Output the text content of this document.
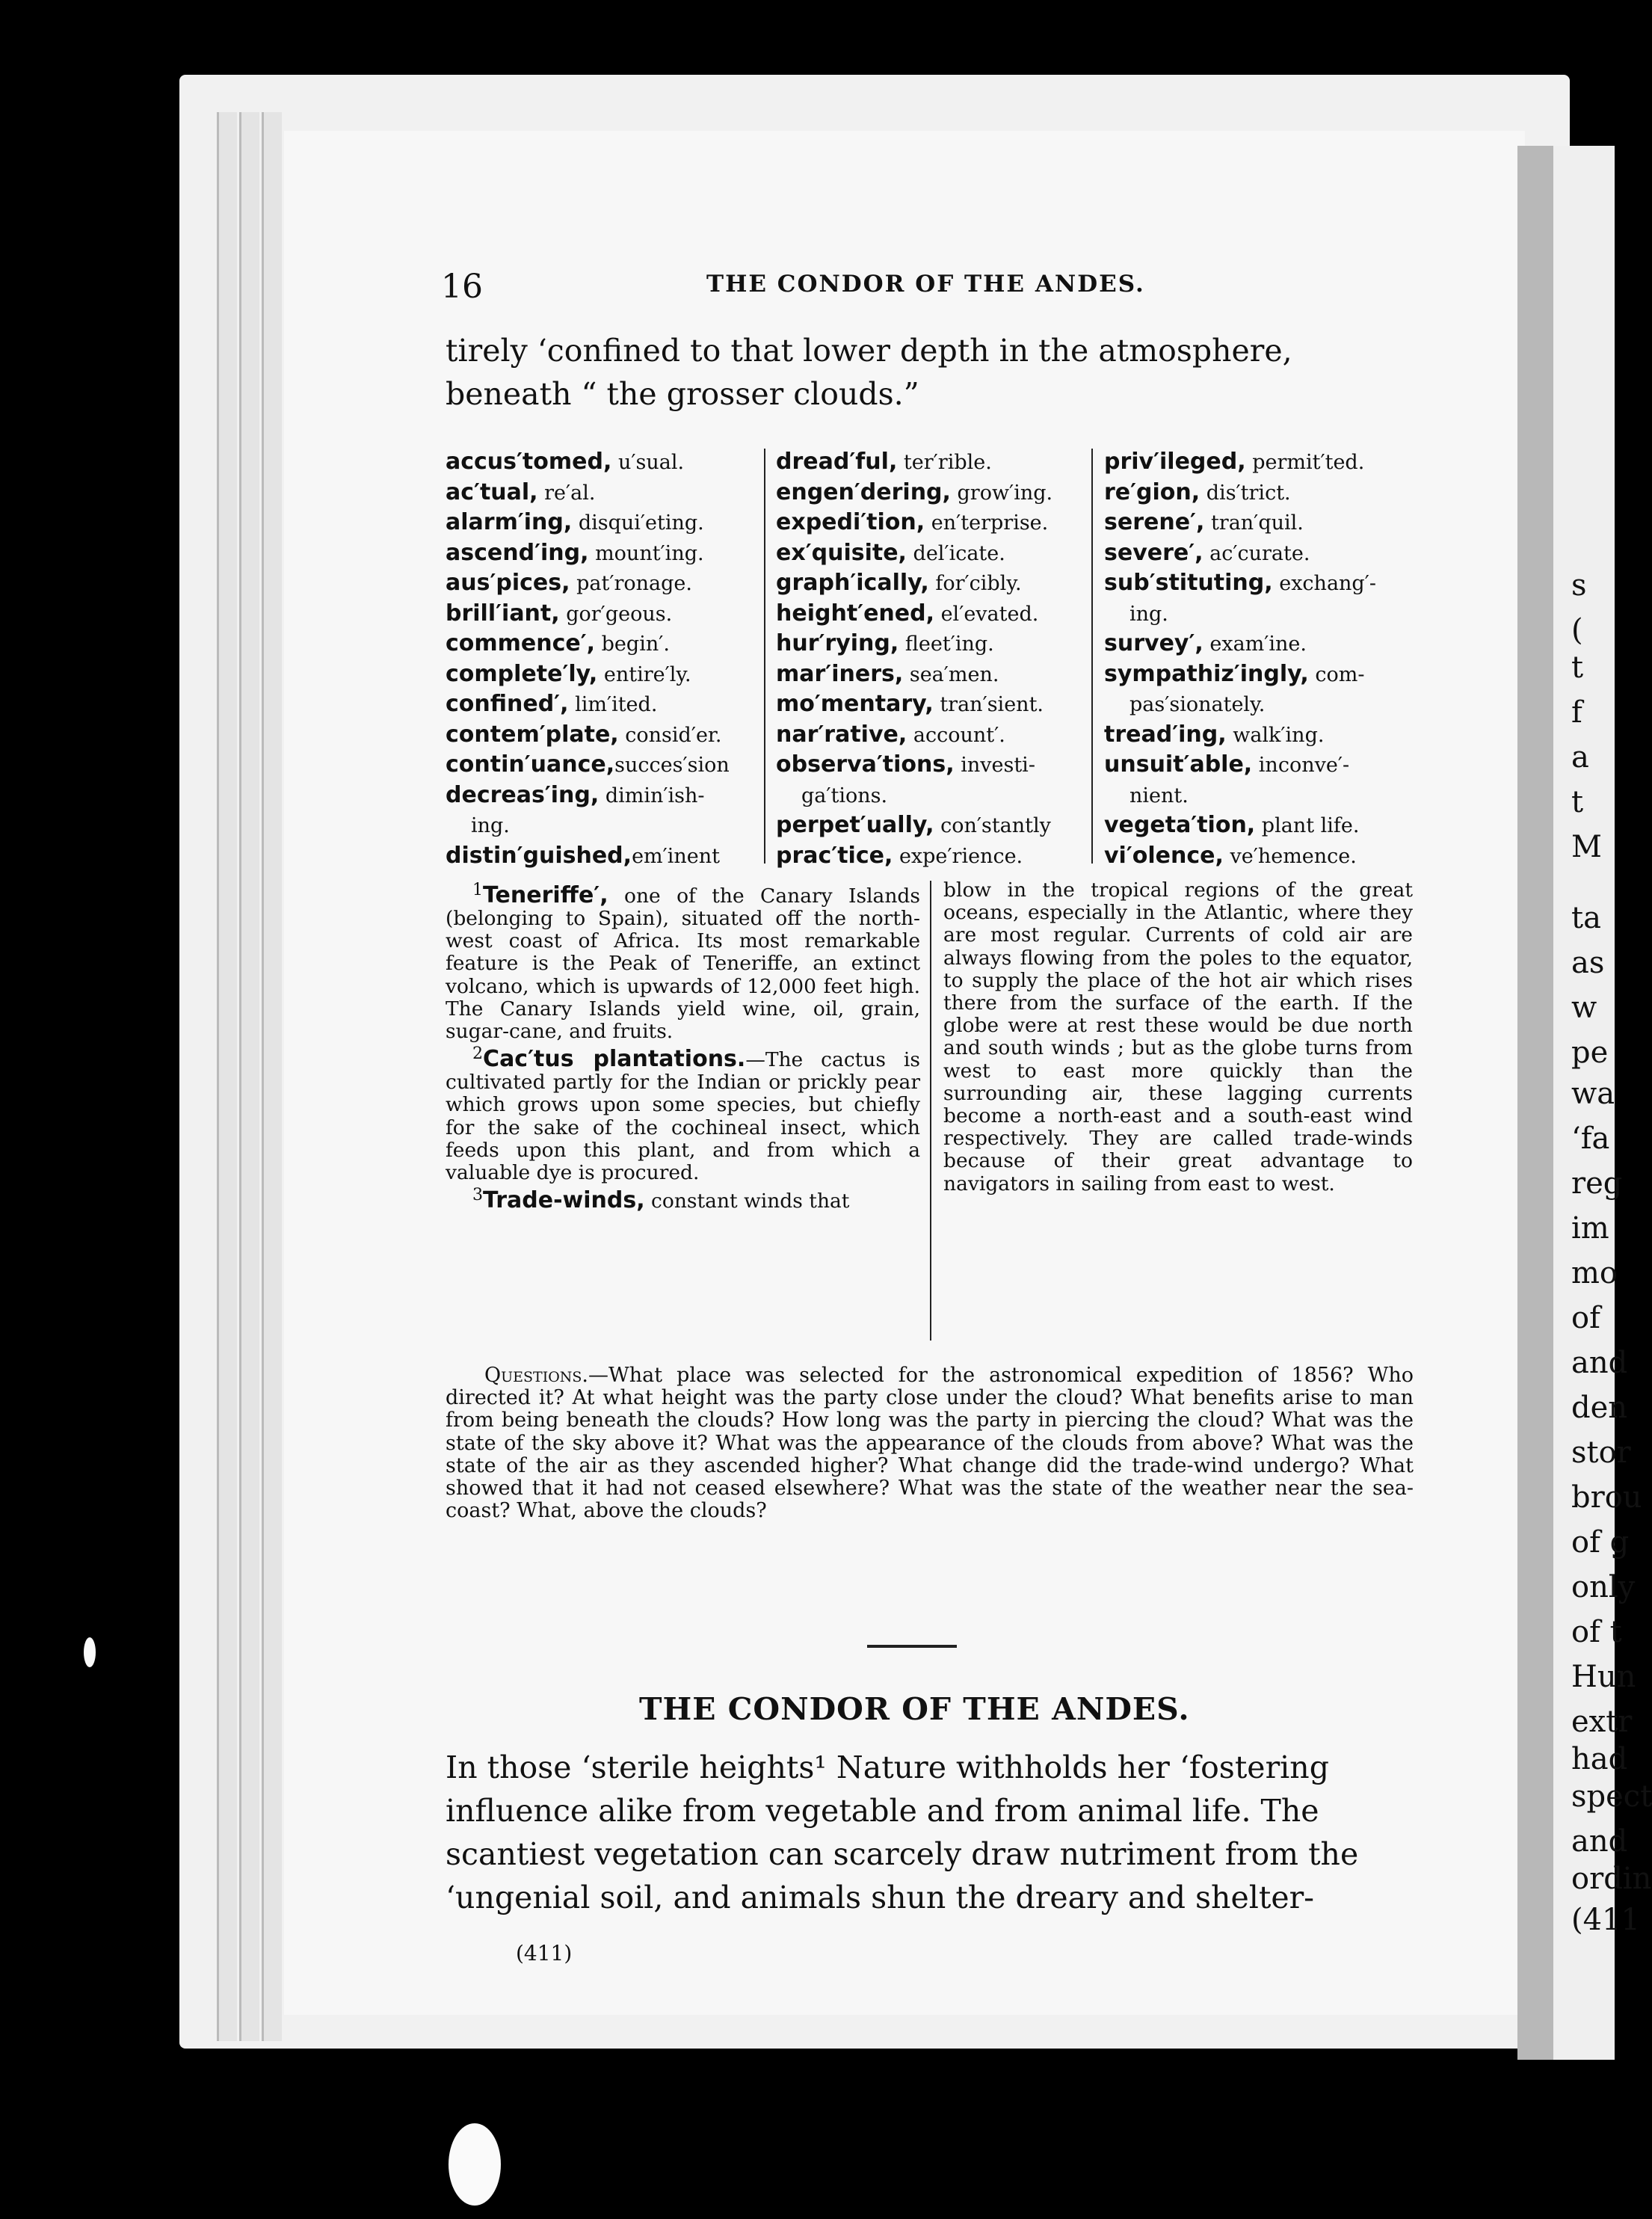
s
(
t
f
a
t
M
ta
as
w
pe
wa
‘fa
reg
im
mo
of
and
den
stor
brou
of g
only
of t
Hun
extr
had
spect
and
ordin
(411
16	THE CONDOR OF THE ANDES.
tirely ‘confined to that lower depth in the atmosphere,
beneath “ the grosser clouds.”
accus′tomed, u′sual.
ac′tual, re′al.
alarm′ing, disqui′eting.
ascend′ing, mount′ing.
aus′pices, pat′ronage.
brill′iant, gor′geous.
commence′, begin′.
complete′ly, entire′ly.
confined′, lim′ited.
contem′plate, consid′er.
contin′uance,succes′sion
decreas′ing, dimin′ish-
ing.
distin′guished,em′inent
dread′ful, ter′rible.
engen′dering, grow′ing.
expedi′tion, en′terprise.
ex′quisite, del′icate.
graph′ically, for′cibly.
height′ened, el′evated.
hur′rying, fleet′ing.
mar′iners, sea′men.
mo′mentary, tran′sient.
nar′rative, account′.
observa′tions, investi-
ga′tions.
perpet′ually, con′stantly
prac′tice, expe′rience.
priv′ileged, permit′ted.
re′gion, dis′trict.
serene′, tran′quil.
severe′, ac′curate.
sub′stituting, exchang′-
ing.
survey′, exam′ine.
sympathiz′ingly, com-
pas′sionately.
tread′ing, walk′ing.
unsuit′able, inconve′-
nient.
vegeta′tion, plant life.
vi′olence, ve′hemence.
$^1$Teneriffe′, one of the Canary Islands (belonging to Spain), situated off the north-west coast of Africa. Its most remarkable feature is the Peak of Teneriffe, an extinct volcano, which is upwards of 12,000 feet high. The Canary Islands yield wine, oil, grain, sugar-cane, and fruits.
$^2$Cac′tus plantations.—The cactus is cultivated partly for the Indian or prickly pear which grows upon some species, but chiefly for the sake of the cochineal insect, which feeds upon this plant, and from which a valuable dye is procured.
$^3$Trade-winds, constant winds that
blow in the tropical regions of the great oceans, especially in the Atlantic, where they are most regular. Currents of cold air are always flowing from the poles to the equator, to supply the place of the hot air which rises there from the surface of the earth. If the globe were at rest these would be due north and south winds ; but as the globe turns from west to east more quickly than the surrounding air, these lagging currents become a north-east and a south-east wind respectively. They are called trade-winds because of their great advantage to navigators in sailing from east to west.
Questions.—What place was selected for the astronomical expedition of 1856? Who directed it? At what height was the party close under the cloud? What benefits arise to man from being beneath the clouds? How long was the party in piercing the cloud? What was the state of the sky above it? What was the appearance of the clouds from above? What was the state of the air as they ascended higher? What change did the trade-wind undergo? What showed that it had not ceased elsewhere? What was the state of the weather near the sea-coast? What, above the clouds?
THE CONDOR OF THE ANDES.
In those ‘sterile heights¹ Nature withholds her ‘fostering
influence alike from vegetable and from animal life. The
scantiest vegetation can scarcely draw nutriment from the
‘ungenial soil, and animals shun the dreary and shelter-
(411)
